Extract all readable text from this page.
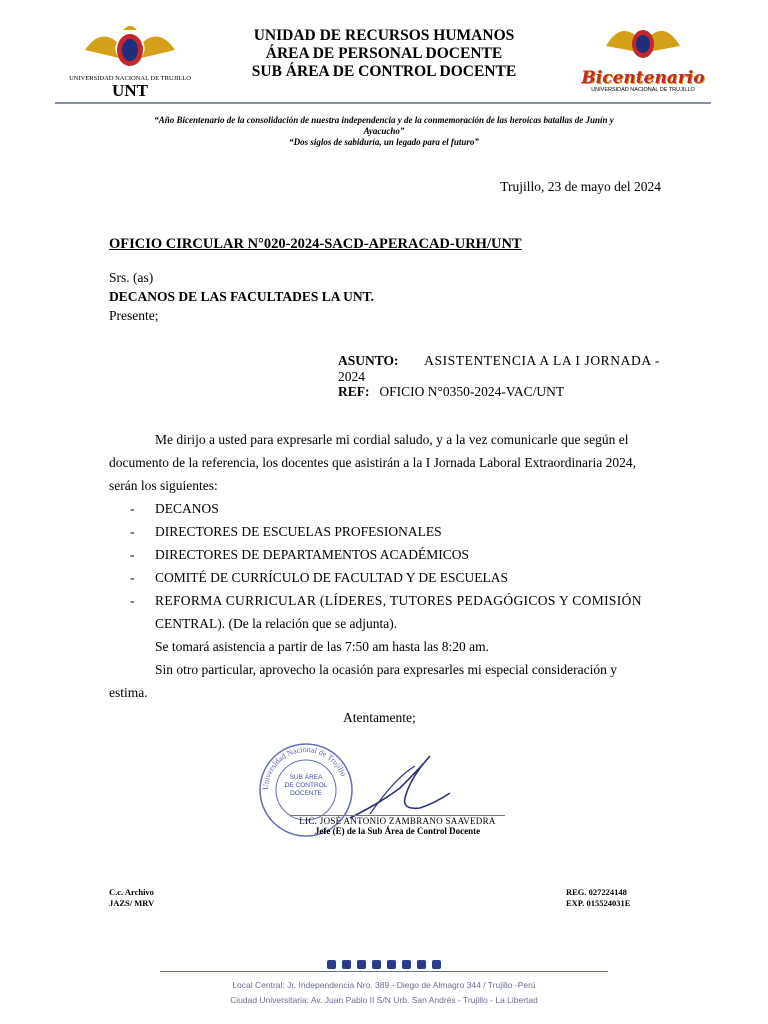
UNIVERSIDAD NACIONAL DE TRUJILLO
UNT
UNIDAD DE RECURSOS HUMANOS
ÁREA DE PERSONAL DOCENTE
SUB ÁREA DE CONTROL DOCENTE	Bicentenario
UNIVERSIDAD NACIONAL DE TRUJILLO
“Año Bicentenario de la consolidación de nuestra independencia y de la conmemoración de las heroicas batallas de Junín y
Ayacucho”
“Dos siglos de sabiduría, un legado para el futuro”
Trujillo, 23 de mayo del 2024
OFICIO CIRCULAR N°020-2024-SACD-APERACAD-URH/UNT
Srs. (as)
DECANOS DE LAS FACULTADES LA UNT.
Presente;
ASUNTO: ASISTENTENCIA A LA I JORNADA -
2024
REF: OFICIO N°0350-2024-VAC/UNT
Me dirijo a usted para expresarle mi cordial saludo, y a la vez comunicarle que según el
documento de la referencia, los docentes que asistirán a la I Jornada Laboral Extraordinaria 2024,
serán los siguientes:
- DECANOS
- DIRECTORES DE ESCUELAS PROFESIONALES
- DIRECTORES DE DEPARTAMENTOS ACADÉMICOS
- COMITÉ DE CURRÍCULO DE FACULTAD Y DE ESCUELAS
- REFORMA CURRICULAR (LÍDERES, TUTORES PEDAGÓGICOS Y COMISIÓN
CENTRAL). (De la relación que se adjunta).
Se tomará asistencia a partir de las 7:50 am hasta las 8:20 am.
Sin otro particular, aprovecho la ocasión para expresarles mi especial consideración y
estima.
Atentamente;
Universidad Nacional de Trujillo
SUB ÁREA
DE CONTROL
DOCENTE
LIC. JOSÉ ANTONIO ZAMBRANO SAAVEDRA
Jefe (E) de la Sub Área de Control Docente
C.c. Archivo
JAZS/ MRV
REG. 027224148
EXP. 015524031E

Local Central: Jr. Independencia Nro. 389 - Diego de Almagro 344 / Trujillo -Perú
Ciudad Universitaria: Av. Juan Pablo II S/N Urb. San Andrés - Trujillo - La Libertad
